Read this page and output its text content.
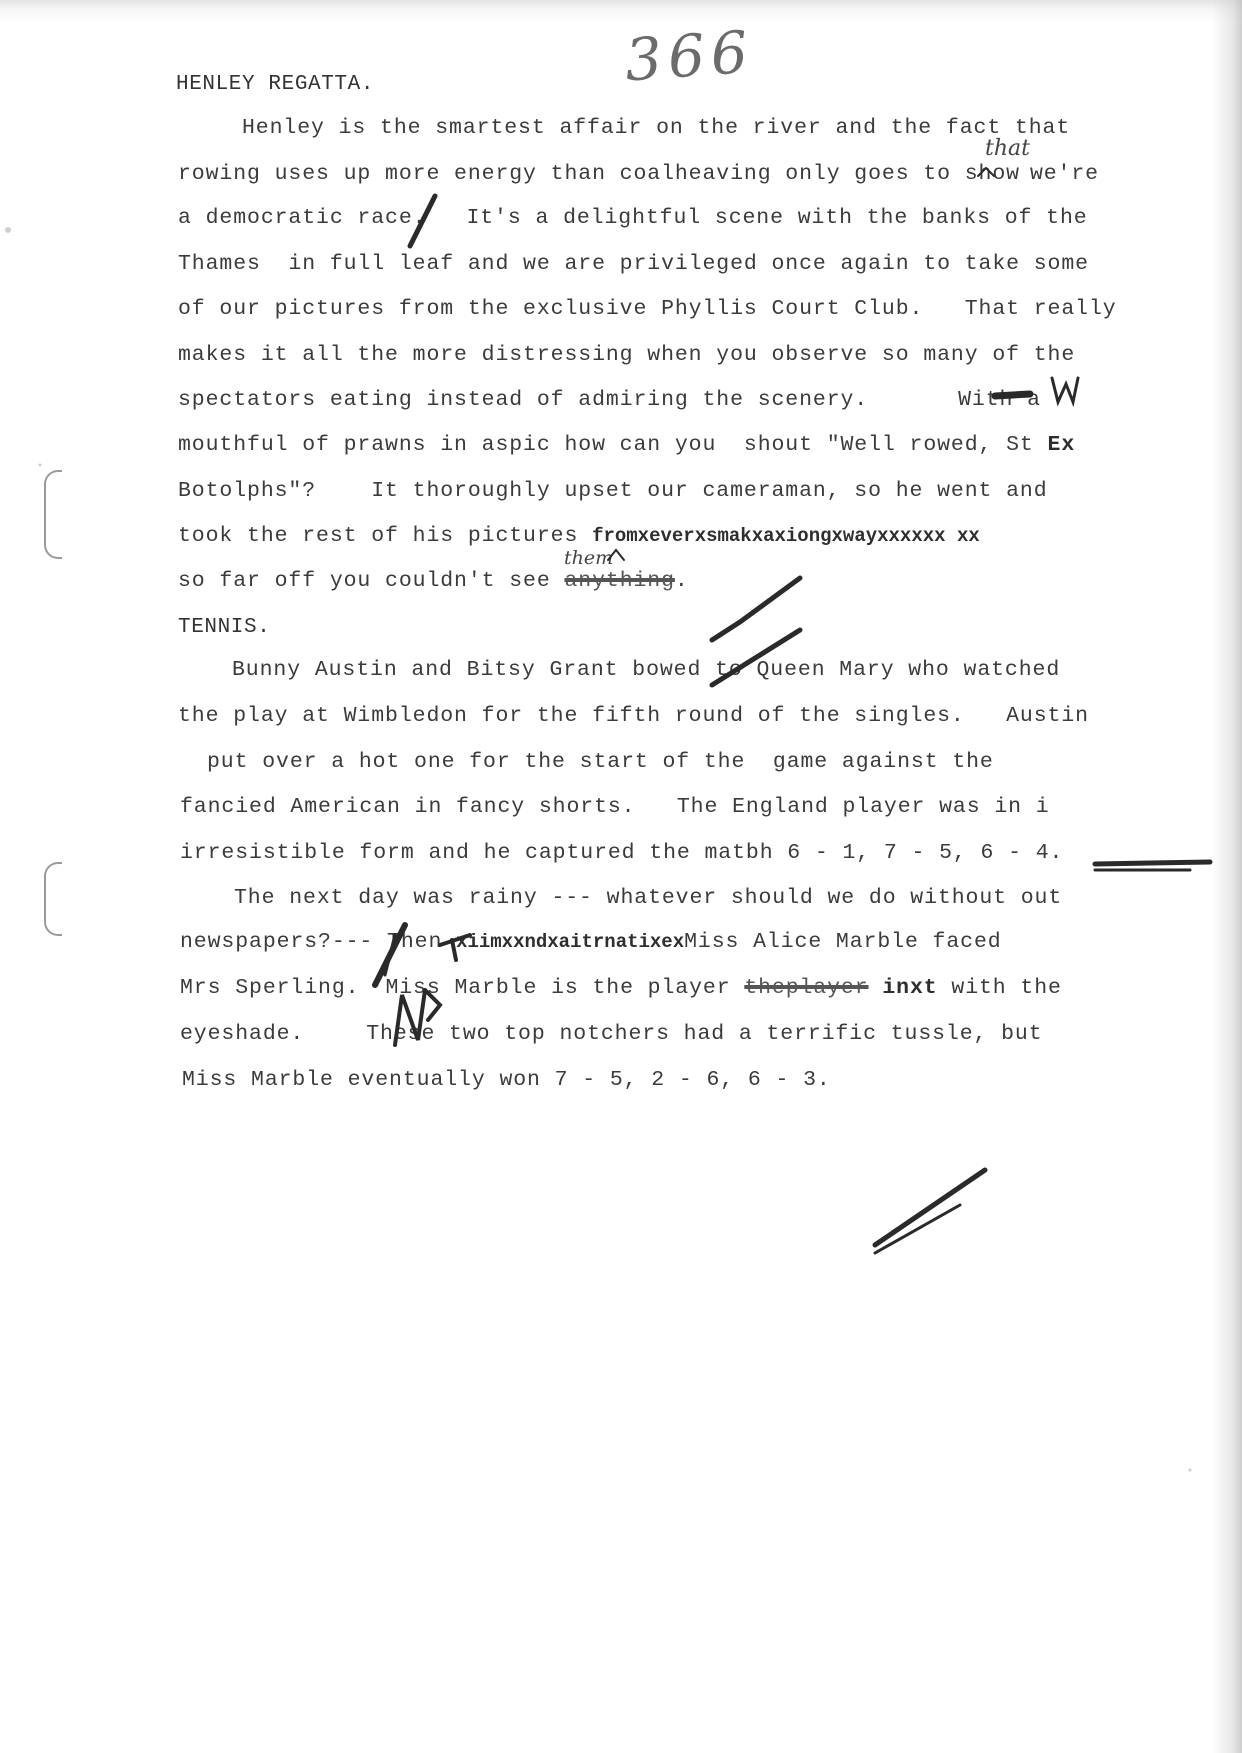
366
HENLEY REGATTA.
Henley is the smartest affair on the river and the fact that
rowing uses up more energy than coalheaving only goes to show we're
that
a democratic race. It's a delightful scene with the banks of the
Thames  in full leaf and we are privileged once again to take some
of our pictures from the exclusive Phyllis Court Club.   That really
makes it all the more distressing when you observe so many of the
spectators eating instead of admiring the scenery.	With a
mouthful of prawns in aspic how can you  shout "Well rowed, St Ex
Botolphs"?    It thoroughly upset our cameraman, so he went and
took the rest of his pictures fromxeverxsmakxaxiongxwayxxxxxx xx
them
so far off you couldn't see anything.
TENNIS.
Bunny Austin and Bitsy Grant bowed to Queen Mary who watched
the play at Wimbledon for the fifth round of the singles.   Austin
put over a hot one for the start of the  game against the
fancied American in fancy shorts.   The England player was in i
irresistible form and he captured the matbh 6 - 1, 7 - 5, 6 - 4.
The next day was rainy --- whatever should we do without out
newspapers?--- Then xiimxxndxaitrnatixexMiss Alice Marble faced
Mrs Sperling. Miss Marble is the player theplayer inxt with the
eyeshade.	These two top notchers had a terrific tussle, but
Miss Marble eventually won 7 - 5, 2 - 6, 6 - 3.
